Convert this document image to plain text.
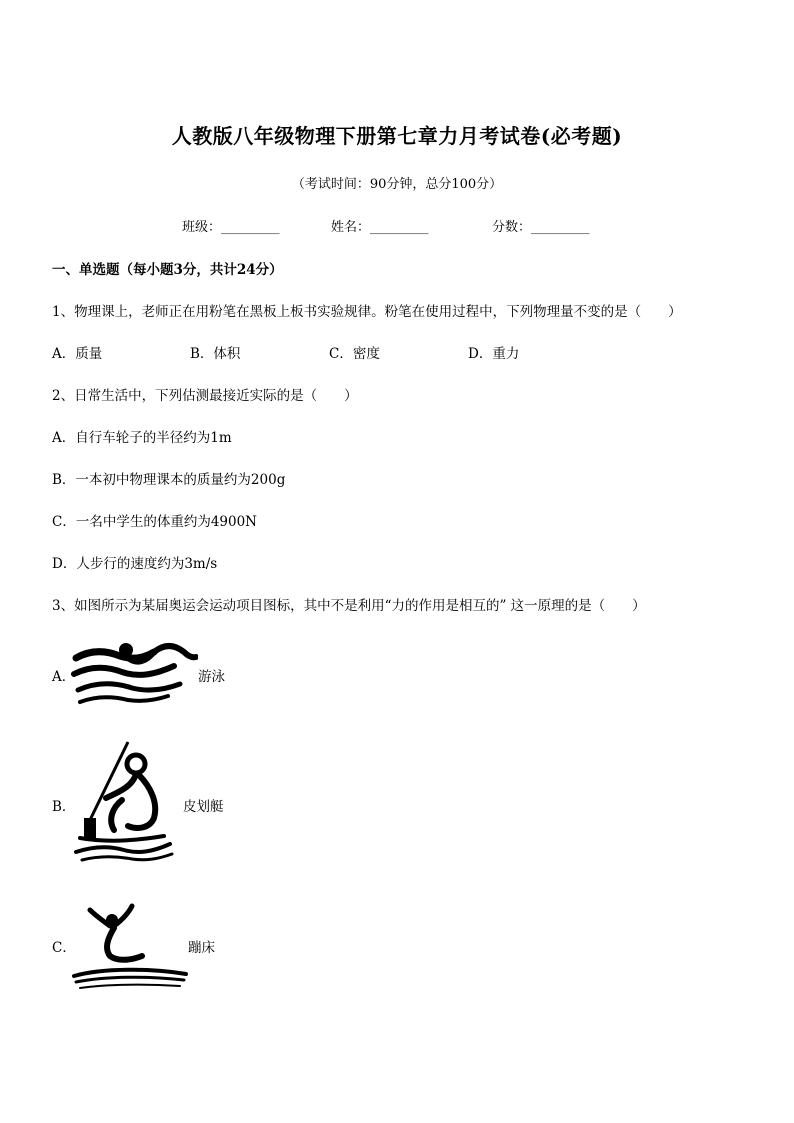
人教版八年级物理下册第七章力月考试卷(必考题)
（考试时间：90分钟，总分100分）
班级：_________	姓名：_________	分数：_________
一、单选题（每小题3分，共计24分）
1、物理课上，老师正在用粉笔在黑板上板书实验规律。粉笔在使用过程中，下列物理量不变的是（　　）
A．质量	B．体积	C．密度	D．重力
2、日常生活中，下列估测最接近实际的是（　　）
A．自行车轮子的半径约为1m
B．一本初中物理课本的质量约为200g
C．一名中学生的体重约为4900N
D．人步行的速度约为3m/s
3、如图所示为某届奥运会运动项目图标，其中不是利用“力的作用是相互的” 这一原理的是（　　）
A．	游泳
B．	皮划艇
C．	蹦床
